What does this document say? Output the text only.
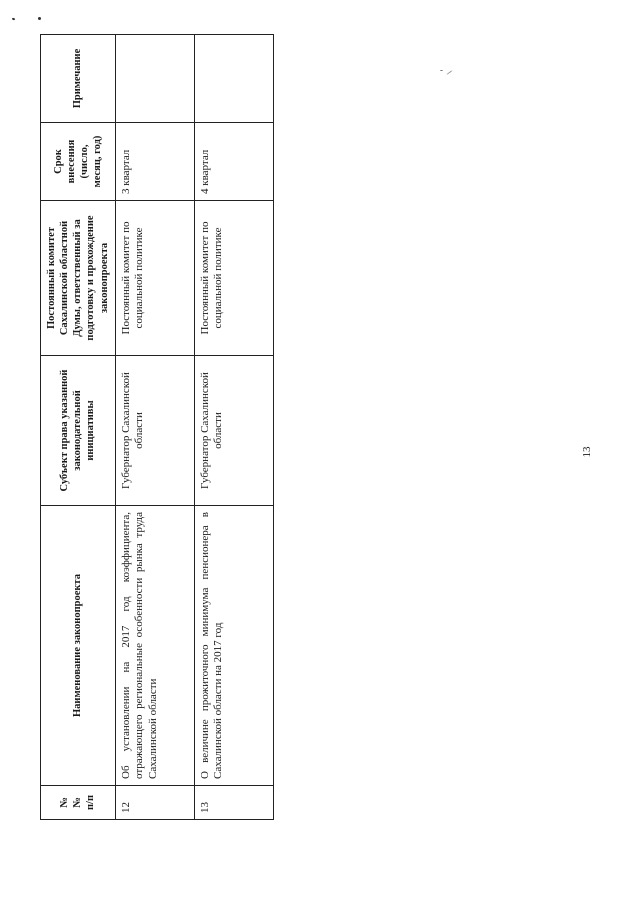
№ № п/п	Наименование законопроекта	Субъект права указанной законодательной инициативы	Постоянный комитет Сахалинской областной Думы, ответственный за подготовку и прохождение законопроекта	Срок внесения (число, месяц, год)	Примечание
12	Об установлении на 2017 год коэффициента, отражающего региональные особенности рынка труда Сахалинской области	Губернатор Сахалинской области	Постоянный комитет по социальной политике	3 квартал	
13	О величине прожиточного минимума пенсионера в Сахалинской области на 2017 год	Губернатор Сахалинской области	Постоянный комитет по социальной политике	4 квартал	
13
